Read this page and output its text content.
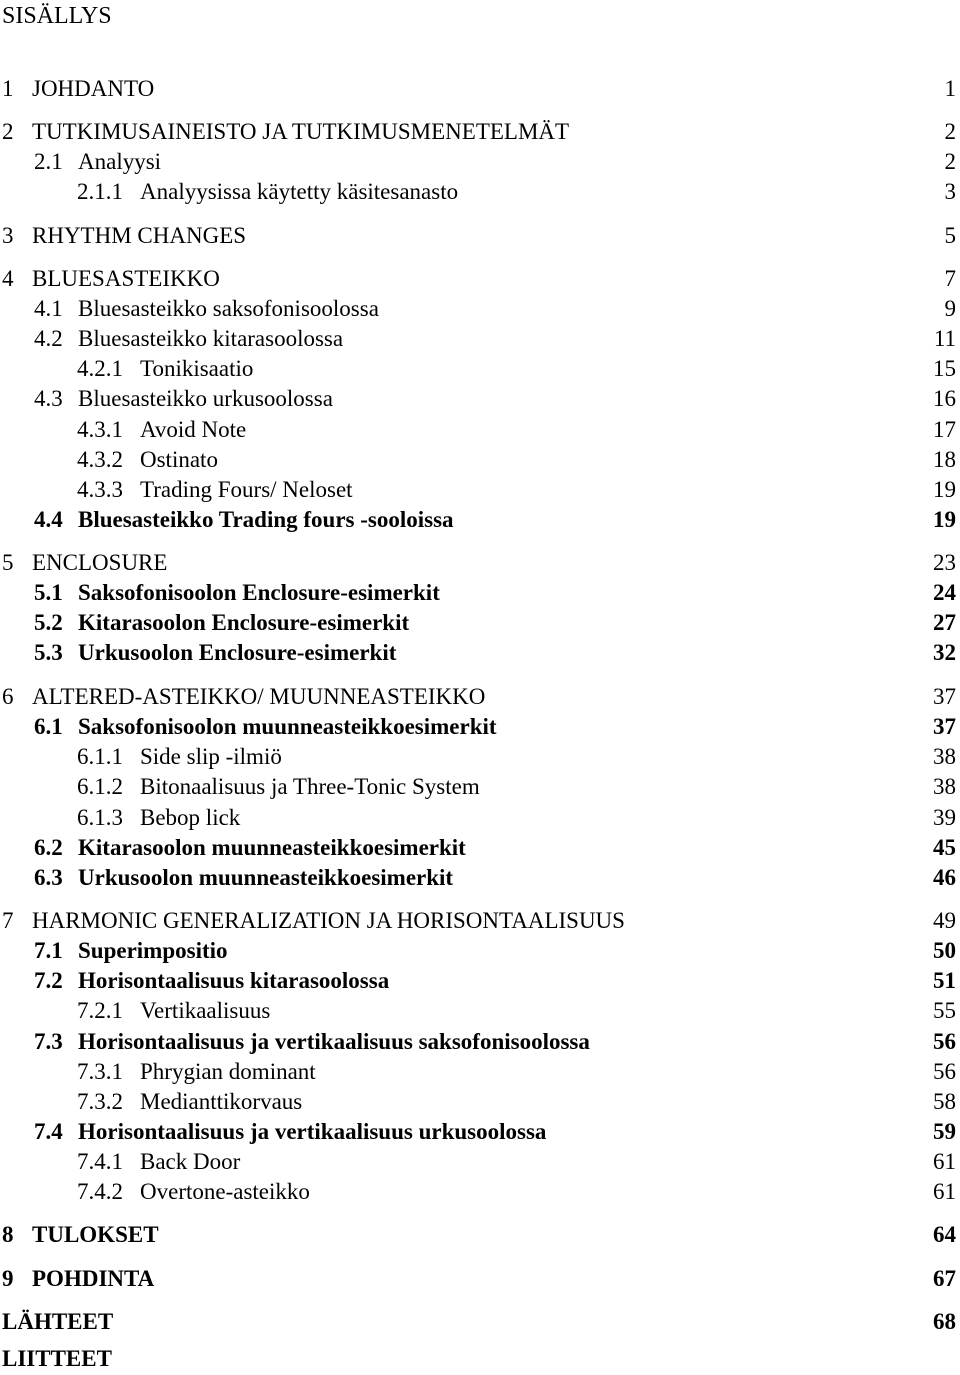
SISÄLLYS
1 JOHDANTO	1
2 TUTKIMUSAINEISTO JA TUTKIMUSMENETELMÄT	2
2.1 Analyysi	2
2.1.1 Analyysissa käytetty käsitesanasto	3
3 RHYTHM CHANGES	5
4 BLUESASTEIKKO	7
4.1 Bluesasteikko saksofonisoolossa	9
4.2 Bluesasteikko kitarasoolossa	11
4.2.1 Tonikisaatio	15
4.3 Bluesasteikko urkusoolossa	16
4.3.1 Avoid Note	17
4.3.2 Ostinato	18
4.3.3 Trading Fours/ Neloset	19
4.4 Bluesasteikko Trading fours -sooloissa	19
5 ENCLOSURE	23
5.1 Saksofonisoolon Enclosure-esimerkit	24
5.2 Kitarasoolon Enclosure-esimerkit	27
5.3 Urkusoolon Enclosure-esimerkit	32
6 ALTERED-ASTEIKKO/ MUUNNEASTEIKKO	37
6.1 Saksofonisoolon muunneasteikkoesimerkit	37
6.1.1 Side slip -ilmiö	38
6.1.2 Bitonaalisuus ja Three-Tonic System	38
6.1.3 Bebop lick	39
6.2 Kitarasoolon muunneasteikkoesimerkit	45
6.3 Urkusoolon muunneasteikkoesimerkit	46
7 HARMONIC GENERALIZATION JA HORISONTAALISUUS	49
7.1 Superimpositio	50
7.2 Horisontaalisuus kitarasoolossa	51
7.2.1 Vertikaalisuus	55
7.3 Horisontaalisuus ja vertikaalisuus saksofonisoolossa	56
7.3.1 Phrygian dominant	56
7.3.2 Medianttikorvaus	58
7.4 Horisontaalisuus ja vertikaalisuus urkusoolossa	59
7.4.1 Back Door	61
7.4.2 Overtone-asteikko	61
8 TULOKSET	64
9 POHDINTA	67
LÄHTEET	68
LIITTEET
